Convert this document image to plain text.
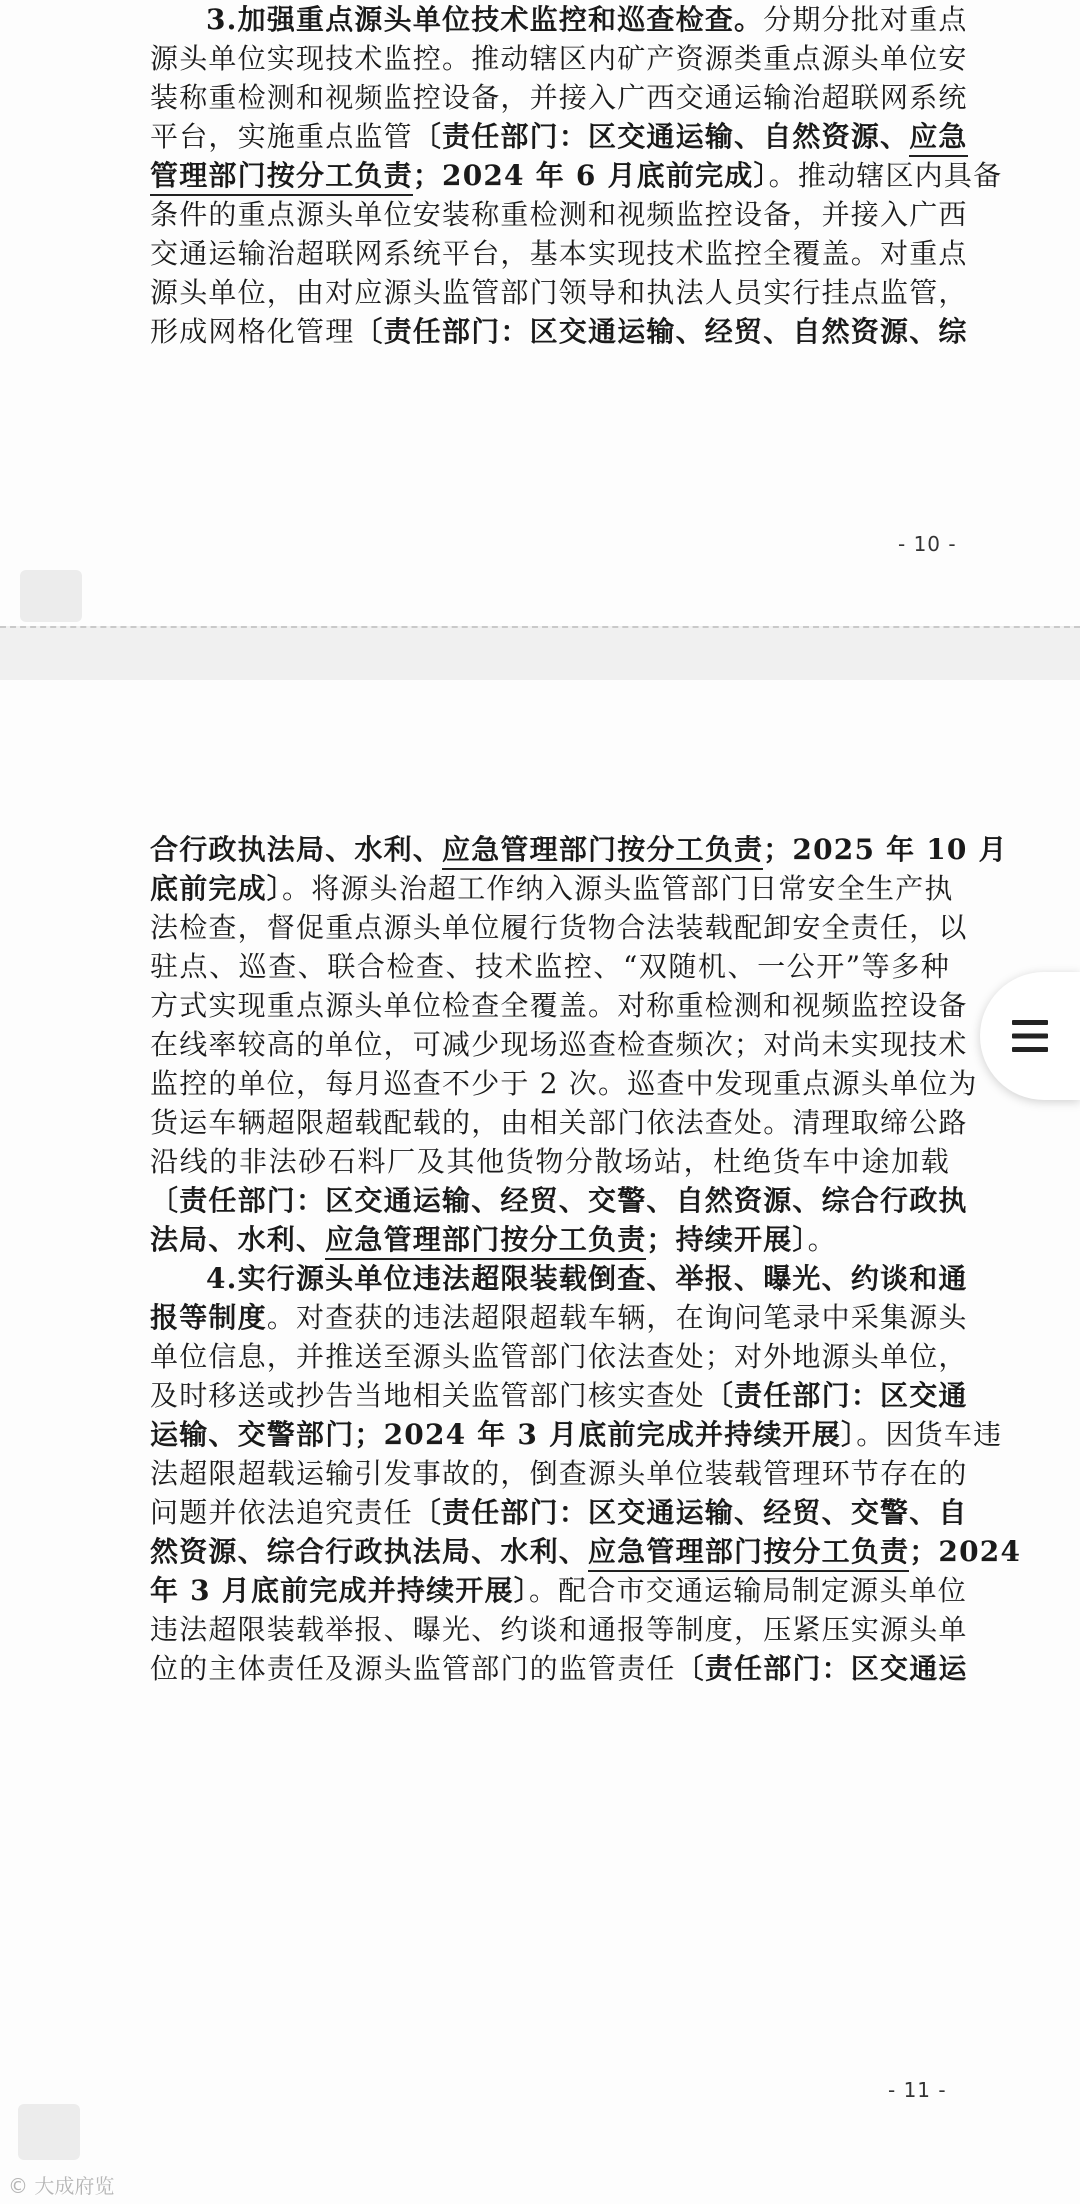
3.加强重点源头单位技术监控和巡查检查。分期分批对重点
源头单位实现技术监控。推动辖区内矿产资源类重点源头单位安
装称重检测和视频监控设备，并接入广西交通运输治超联网系统
平台，实施重点监管〔责任部门：区交通运输、自然资源、应急
管理部门按分工负责；2024 年 6 月底前完成〕。推动辖区内具备
条件的重点源头单位安装称重检测和视频监控设备，并接入广西
交通运输治超联网系统平台，基本实现技术监控全覆盖。对重点
源头单位，由对应源头监管部门领导和执法人员实行挂点监管，
形成网格化管理〔责任部门：区交通运输、经贸、自然资源、综
- 10 -
合行政执法局、水利、应急管理部门按分工负责；2025 年 10 月
底前完成〕。将源头治超工作纳入源头监管部门日常安全生产执
法检查，督促重点源头单位履行货物合法装载配卸安全责任，以
驻点、巡查、联合检查、技术监控、“双随机、一公开”等多种
方式实现重点源头单位检查全覆盖。对称重检测和视频监控设备
在线率较高的单位，可减少现场巡查检查频次；对尚未实现技术
监控的单位，每月巡查不少于 2 次。巡查中发现重点源头单位为
货运车辆超限超载配载的，由相关部门依法查处。清理取缔公路
沿线的非法砂石料厂及其他货物分散场站，杜绝货车中途加载
〔责任部门：区交通运输、经贸、交警、自然资源、综合行政执
法局、水利、应急管理部门按分工负责；持续开展〕。
4.实行源头单位违法超限装载倒查、举报、曝光、约谈和通
报等制度。对查获的违法超限超载车辆，在询问笔录中采集源头
单位信息，并推送至源头监管部门依法查处；对外地源头单位，
及时移送或抄告当地相关监管部门核实查处〔责任部门：区交通
运输、交警部门；2024 年 3 月底前完成并持续开展〕。因货车违
法超限超载运输引发事故的，倒查源头单位装载管理环节存在的
问题并依法追究责任〔责任部门：区交通运输、经贸、交警、自
然资源、综合行政执法局、水利、应急管理部门按分工负责；2024
年 3 月底前完成并持续开展〕。配合市交通运输局制定源头单位
违法超限装载举报、曝光、约谈和通报等制度，压紧压实源头单
位的主体责任及源头监管部门的监管责任〔责任部门：区交通运
- 11 -
© 大成府览
